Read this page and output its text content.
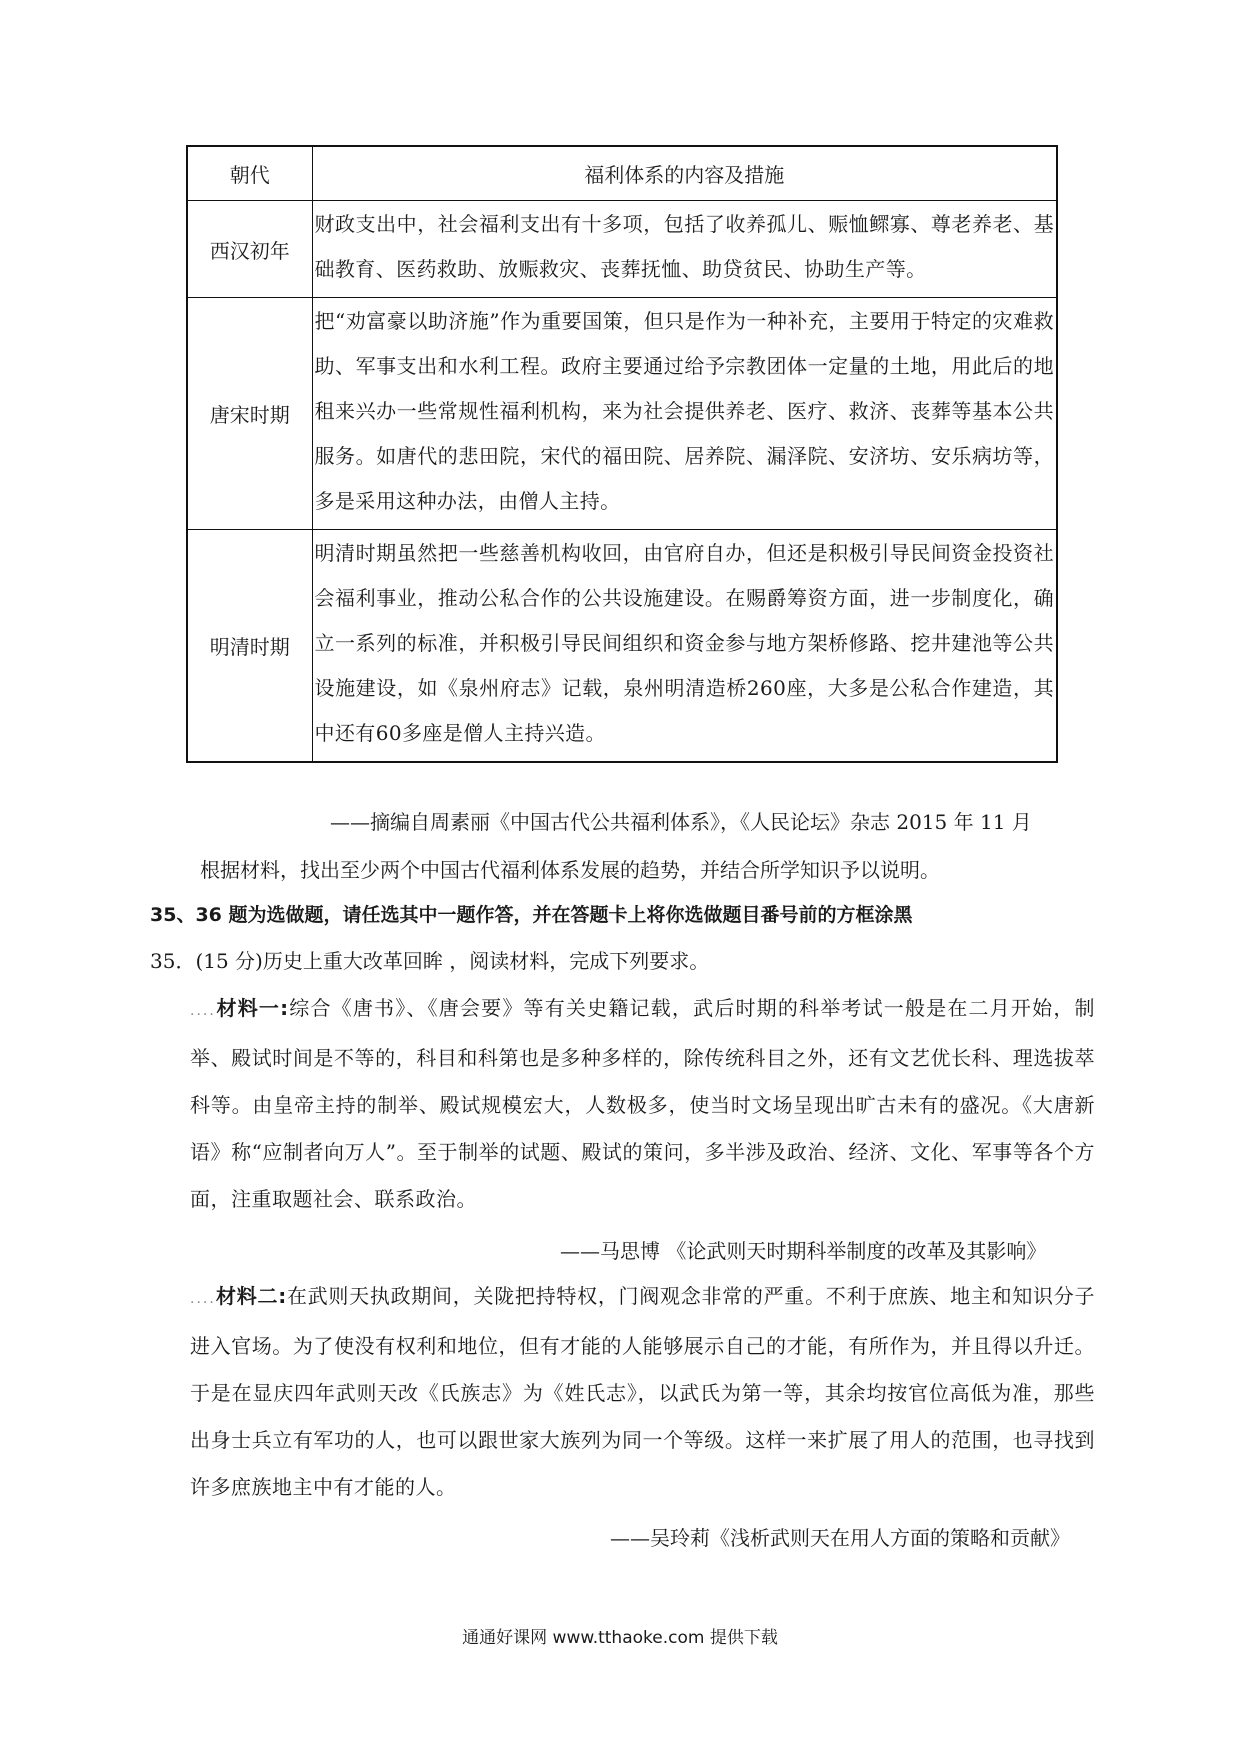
朝代	福利体系的内容及措施
西汉初年	财政支出中，社会福利支出有十多项，包括了收养孤儿、赈恤鳏寡、尊老养老、基础教育、医药救助、放赈救灾、丧葬抚恤、助贷贫民、协助生产等。
唐宋时期	把“劝富豪以助济施”作为重要国策，但只是作为一种补充，主要用于特定的灾难救助、军事支出和水利工程。政府主要通过给予宗教团体一定量的土地，用此后的地租来兴办一些常规性福利机构，来为社会提供养老、医疗、救济、丧葬等基本公共服务。如唐代的悲田院，宋代的福田院、居养院、漏泽院、安济坊、安乐病坊等，多是采用这种办法，由僧人主持。
明清时期	明清时期虽然把一些慈善机构收回，由官府自办，但还是积极引导民间资金投资社会福利事业，推动公私合作的公共设施建设。在赐爵筹资方面，进一步制度化，确立一系列的标准，并积极引导民间组织和资金参与地方架桥修路、挖井建池等公共设施建设，如《泉州府志》记载，泉州明清造桥260座，大多是公私合作建造，其中还有60多座是僧人主持兴造。
——摘编自周素丽《中国古代公共福利体系》，《人民论坛》杂志 2015 年 11 月
根据材料，找出至少两个中国古代福利体系发展的趋势，并结合所学知识予以说明。
35、36 题为选做题，请任选其中一题作答，并在答题卡上将你选做题目番号前的方框涂黑
35．(15 分)历史上重大改革回眸 ，阅读材料，完成下列要求。
....材料一:综合《唐书》、《唐会要》等有关史籍记载，武后时期的科举考试一般是在二月开始，制举、殿试时间是不等的，科目和科第也是多种多样的，除传统科目之外，还有文艺优长科、理选拔萃科等。由皇帝主持的制举、殿试规模宏大，人数极多，使当时文场呈现出旷古未有的盛况。《大唐新语》称“应制者向万人”。至于制举的试题、殿试的策问，多半涉及政治、经济、文化、军事等各个方面，注重取题社会、联系政治。
——马思博 《论武则天时期科举制度的改革及其影响》
....材料二:在武则天执政期间，关陇把持特权，门阀观念非常的严重。不利于庶族、地主和知识分子进入官场。为了使没有权利和地位，但有才能的人能够展示自己的才能，有所作为，并且得以升迁。于是在显庆四年武则天改《氏族志》为《姓氏志》，以武氏为第一等，其余均按官位高低为准，那些出身士兵立有军功的人，也可以跟世家大族列为同一个等级。这样一来扩展了用人的范围，也寻找到许多庶族地主中有才能的人。
——吴玲莉《浅析武则天在用人方面的策略和贡献》
通通好课网 www.tthaoke.com 提供下载
